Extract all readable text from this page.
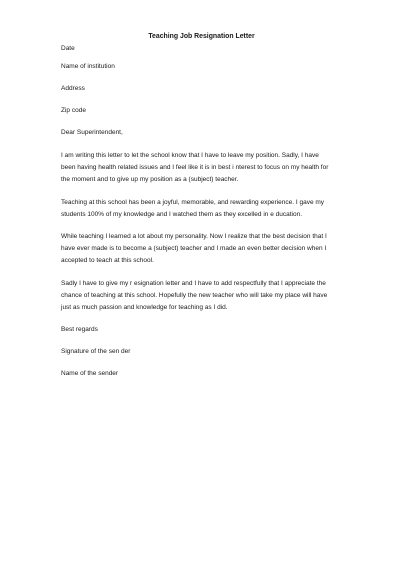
Teaching Job Resignation Letter
Date
Name of institution
Address
Zip code
Dear Superintendent,
I am writing this letter to let the school know that I have to leave my position. Sadly, I have
been having health related issues and I feel like it is in best i nterest to focus on my health for
the moment and to give up my position as a (subject) teacher.
Teaching at this school has been a joyful, memorable, and rewarding experience. I gave my
students 100% of my knowledge and I watched them as they excelled in e ducation.
While teaching I learned a lot about my personality. Now I realize that the best decision that I
have ever made is to become a (subject) teacher and I made an even better decision when I
accepted to teach at this school.
Sadly I have to give my r esignation letter and I have to add respectfully that I appreciate the
chance of teaching at this school. Hopefully the new teacher who will take my place will have
just as much passion and knowledge for teaching as I did.
Best regards
Signature of the sen der
Name of the sender
